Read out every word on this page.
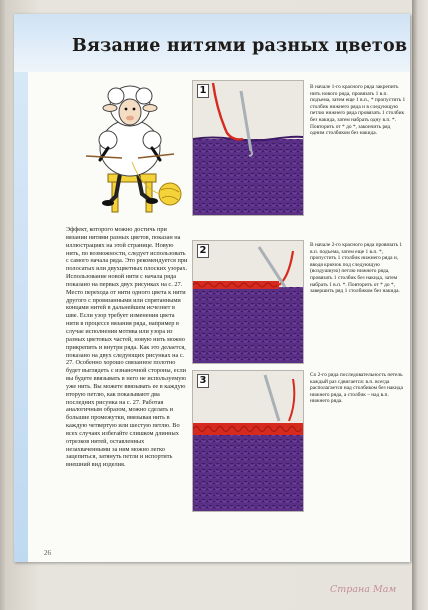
Вязание нитями разных цветов
Эффект, которого можно достичь при вязании нитями разных цветов, показан на иллюстрациях на этой странице. Новую нить, по возможности, следует использовать с самого начала ряда. Это рекомендуется при полосатых или двухцветных плоских узорах. Использование новой нити с начала ряда показано на первых двух рисунках на с. 27. Место перехода от нити одного цвета к нити другого с провязанными или спрятанными концами нитей в дальнейшем исчезнет в шве. Если узор требует изменения цвета нити в процессе вязания ряда, например в случае исполнения мотива или узора из разных цветовых частей, новую нить можно прикрепить и внутри ряда. Как это делается, показано на двух следующих рисунках на с. 27. Особенно хорошо связанное полотно будет выглядеть с изнаночной стороны, если вы будете ввязывать в него не используемую уже нить. Вы можете ввязывать ее в каждую вторую петлю, как показывают два последних рисунка на с. 27. Работая аналогичным образом, можно сделать и большие промежутки, ввязывая нить в каждую четвертую или шестую петлю. Во всех случаях избегайте слишком длинных отрезков нитей, оставленных незахваченными за ним можно легко зацепиться, затянуть петли и испортить внешний вид изделия.
1
2
3
В начале 1-го красного ряда закрепить нить нового ряда, провязать 1 в.п. подъема, затем еще 1 в.п., * пропустить 1 столбик нижнего ряда и в следующую петлю нижнего ряда провязать 1 столбик без накида, затем набрать одну в.п. *. Повторить от * до *, закончить ряд одним столбиком без накида.
В начале 2-го красного ряда провязать 1 в.п. подъема, затем еще 1 в.п. *, пропустить 1 столбик нижнего ряда и, вводя крючок под следующую (воздушную) петлю нижнего ряда, провязать 1 столбик без накида, затем набрать 1 в.п. *. Повторить от * до *, завершить ряд 1 столбиком без накида.
Со 2-го ряда последовательность петель каждый раз сдвигается: в.п. всегда располагается над столбиком без накида нижнего ряда, а столбик – над в.п. нижнего ряда.
26
Страна Мам
